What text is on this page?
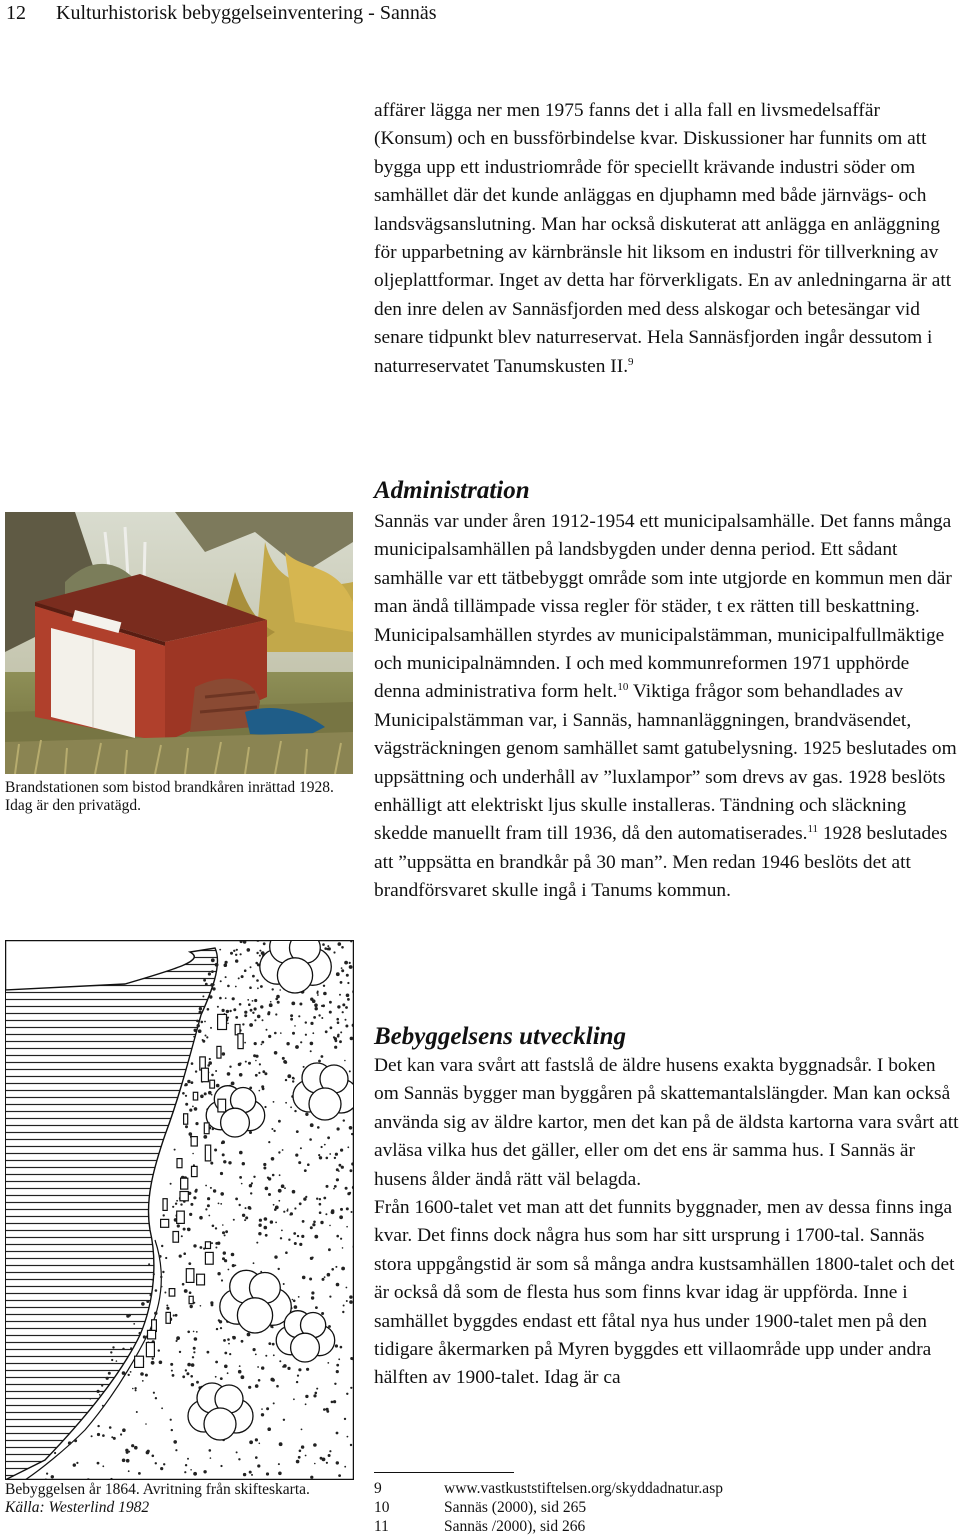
12 Kulturhistorisk bebyggelseinventering - Sannäs

affärer lägga ner men 1975 fanns det i alla fall en livsmedelsaffär (Konsum) och en bussförbindelse kvar. Diskussioner har funnits om att bygga upp ett industriområde för speciellt krävande industri söder om samhället där det kunde anläggas en djuphamn med både järnvägs- och landsvägsanslutning. Man har också diskuterat att anlägga en anläggning för upparbetning av kärnbränsle hit liksom en industri för tillverkning av oljeplattformar. Inget av detta har förverkligats. En av anledningarna är att den inre delen av Sannäsfjorden med dess alskogar och betesängar vid senare tidpunkt blev naturreservat. Hela Sannäsfjorden ingår dessutom i naturreservatet Tanumskusten II.$^9$

Administration

Sannäs var under åren 1912-1954 ett municipalsamhälle. Det fanns många municipalsamhällen på landsbygden under denna period. Ett sådant samhälle var ett tätbebyggt område som inte utgjorde en kommun men där man ändå tillämpade vissa regler för städer, t ex rätten till beskattning. Municipalsamhällen styrdes av municipalstämman, municipalfullmäktige och municipalnämnden. I och med kommunreformen 1971 upphörde denna administrativa form helt.$^{10}$ Viktiga frågor som behandlades av Municipalstämman var, i Sannäs, hamnanläggningen, brandväsendet, vägsträckningen genom samhället samt gatubelysning. 1925 beslutades om uppsättning och underhåll av ”luxlampor” som drevs av gas. 1928 beslöts enhälligt att elektriskt ljus skulle installeras. Tändning och släckning skedde manuellt fram till 1936, då den automatiserades.$^{11}$ 1928 beslutades att ”uppsätta en brandkår på 30 man”. Men redan 1946 beslöts det att brandförsvaret skulle ingå i Tanums kommun.

Bebyggelsens utveckling

Det kan vara svårt att fastslå de äldre husens exakta byggnadsår. I boken om Sannäs bygger man byggåren på skattemantalslängder. Man kan också använda sig av äldre kartor, men det kan på de äldsta kartorna vara svårt att avläsa vilka hus det gäller, eller om det ens är samma hus. I Sannäs är husens ålder ändå rätt väl belagda.

Från 1600-talet vet man att det funnits byggnader, men av dessa finns inga kvar. Det finns dock några hus som har sitt ursprung i 1700-tal. Sannäs stora uppgångstid är som så många andra kustsamhällen 1800-talet och det är också då som de flesta hus som finns kvar idag är uppförda. Inne i samhället byggdes endast ett fåtal nya hus under 1900-talet men på den tidigare åkermarken på Myren byggdes ett villaområde upp under andra hälften av 1900-talet. Idag är ca

Brandstationen som bistod brandkåren inrättad 1928. Idag är den privatägd.
Bebyggelsen år 1864. Avritning från skifteskarta.
Källa: Westerlind 1982
9	www.vastkuststiftelsen.org/skyddadnatur.asp
10	Sannäs (2000), sid 265
11	Sannäs /2000), sid 266
